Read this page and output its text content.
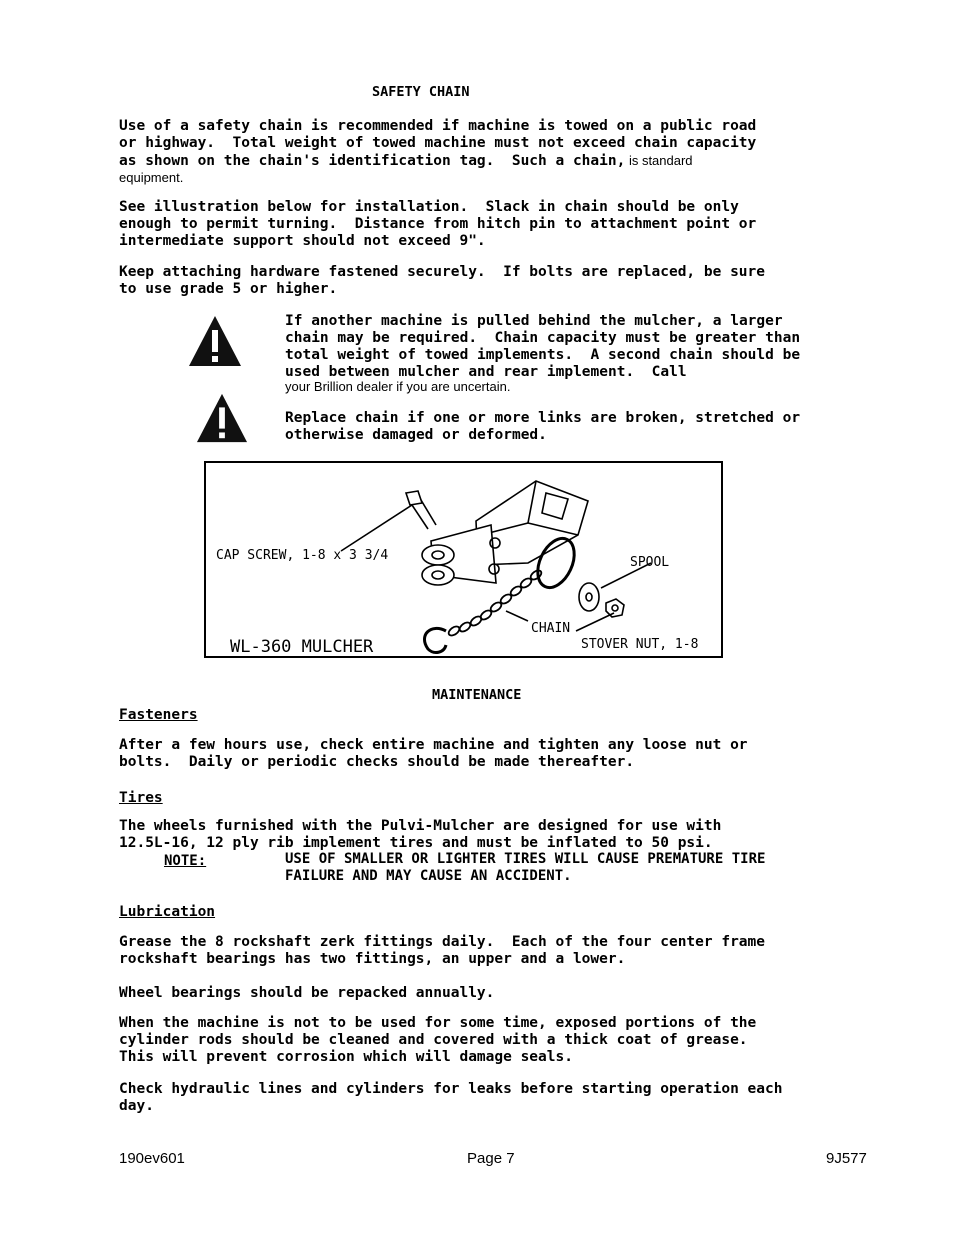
SAFETY CHAIN
Use of a safety chain is recommended if machine is towed on a public road
or highway.  Total weight of towed machine must not exceed chain capacity
as shown on the chain's identification tag.  Such a chain, is standard
equipment.
See illustration below for installation.  Slack in chain should be only
enough to permit turning.  Distance from hitch pin to attachment point or
intermediate support should not exceed 9".
Keep attaching hardware fastened securely.  If bolts are replaced, be sure
to use grade 5 or higher.
If another machine is pulled behind the mulcher, a larger
chain may be required.  Chain capacity must be greater than
total weight of towed implements.  A second chain should be
used between mulcher and rear implement.  Call
your Brillion dealer if you are uncertain.
Replace chain if one or more links are broken, stretched or
otherwise damaged or deformed.
CAP SCREW, 1-8 x 3 3/4	SPOOL
CHAIN
STOVER NUT, 1-8
WL-360 MULCHER
MAINTENANCE
Fasteners
After a few hours use, check entire machine and tighten any loose nut or
bolts.  Daily or periodic checks should be made thereafter.
Tires
The wheels furnished with the Pulvi-Mulcher are designed for use with
12.5L-16, 12 ply rib implement tires and must be inflated to 50 psi.
NOTE:	USE OF SMALLER OR LIGHTER TIRES WILL CAUSE PREMATURE TIRE
FAILURE AND MAY CAUSE AN ACCIDENT.
Lubrication
Grease the 8 rockshaft zerk fittings daily.  Each of the four center frame
rockshaft bearings has two fittings, an upper and a lower.
Wheel bearings should be repacked annually.
When the machine is not to be used for some time, exposed portions of the
cylinder rods should be cleaned and covered with a thick coat of grease.
This will prevent corrosion which will damage seals.
Check hydraulic lines and cylinders for leaks before starting operation each
day.
190ev601	Page 7	9J577
